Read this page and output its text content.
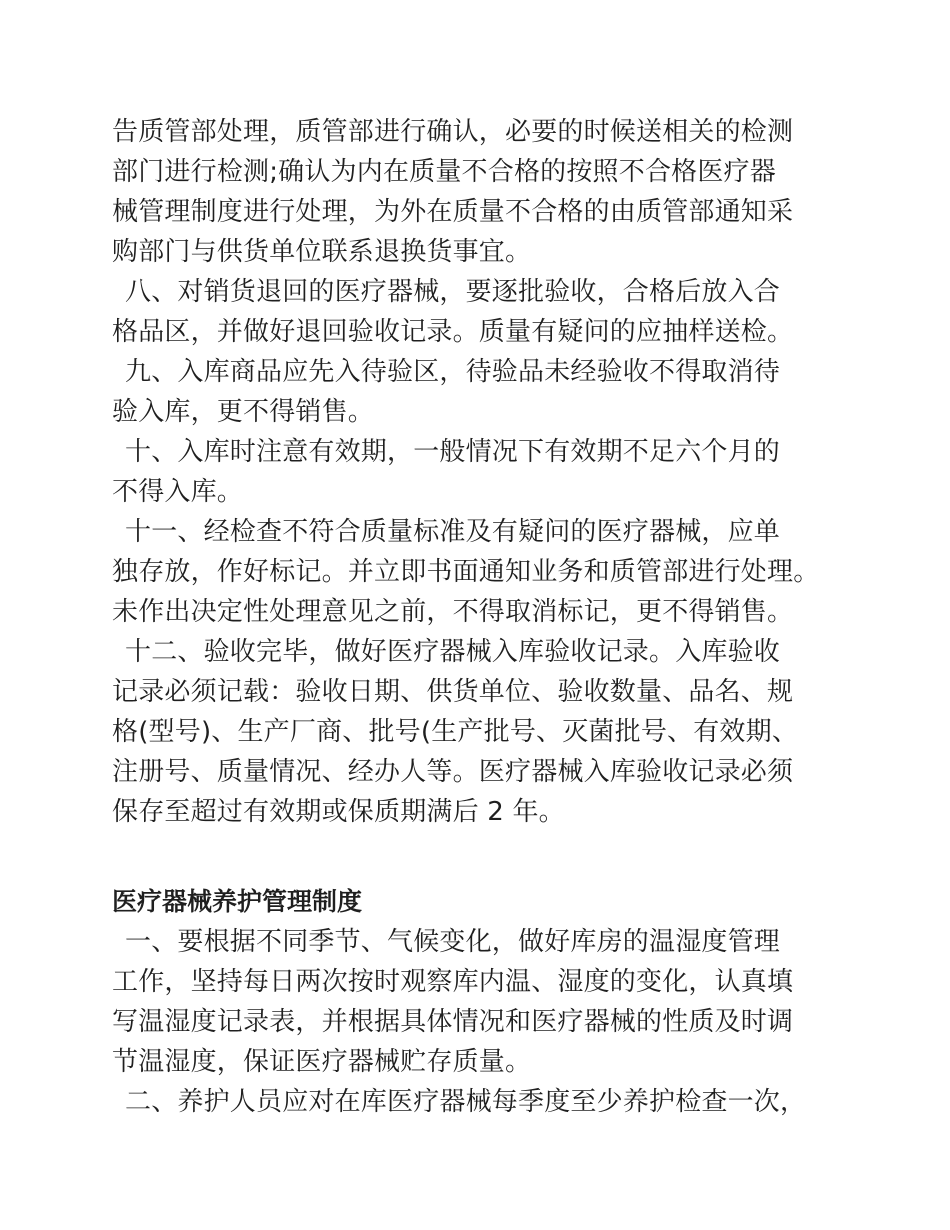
告质管部处理，质管部进行确认，必要的时候送相关的检测
部门进行检测;确认为内在质量不合格的按照不合格医疗器
械管理制度进行处理，为外在质量不合格的由质管部通知采
购部门与供货单位联系退换货事宜。
八、对销货退回的医疗器械，要逐批验收，合格后放入合
格品区，并做好退回验收记录。质量有疑问的应抽样送检。
九、入库商品应先入待验区，待验品未经验收不得取消待
验入库，更不得销售。
十、入库时注意有效期，一般情况下有效期不足六个月的
不得入库。
十一、经检查不符合质量标准及有疑问的医疗器械，应单
独存放，作好标记。并立即书面通知业务和质管部进行处理。
未作出决定性处理意见之前，不得取消标记，更不得销售。
十二、验收完毕，做好医疗器械入库验收记录。入库验收
记录必须记载：验收日期、供货单位、验收数量、品名、规
格(型号)、生产厂商、批号(生产批号、灭菌批号、有效期、
注册号、质量情况、经办人等。医疗器械入库验收记录必须
保存至超过有效期或保质期满后 2 年。
医疗器械养护管理制度
一、要根据不同季节、气候变化，做好库房的温湿度管理
工作，坚持每日两次按时观察库内温、湿度的变化，认真填
写温湿度记录表，并根据具体情况和医疗器械的性质及时调
节温湿度，保证医疗器械贮存质量。
二、养护人员应对在库医疗器械每季度至少养护检查一次，
